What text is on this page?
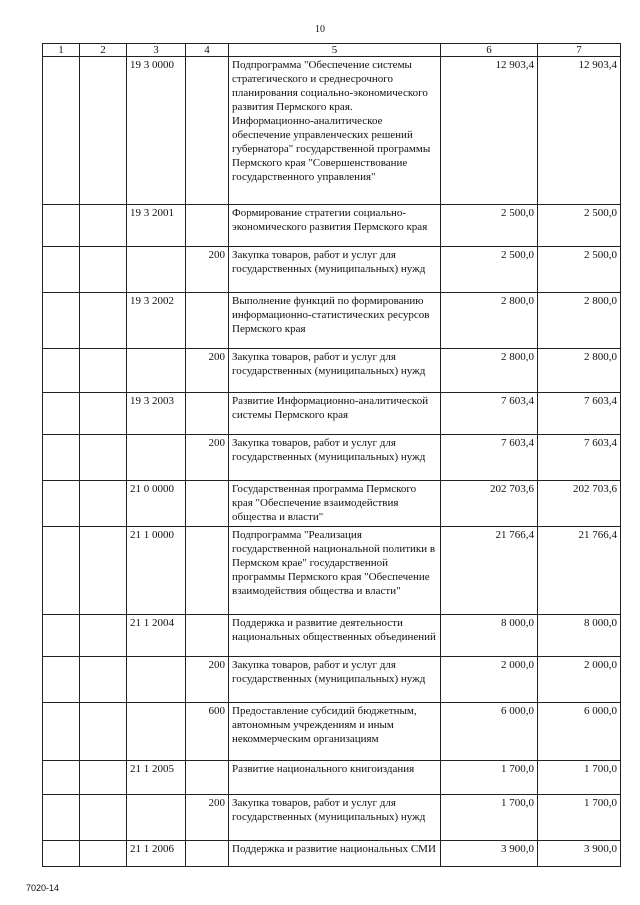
10
1	2	3	4	5	6	7
		19 3 0000		Подпрограмма "Обеспечение системы стратегического и среднесрочного планирования социально-экономического развития Пермского края. Информационно-аналитическое обеспечение управленческих решений губернатора" государственной программы Пермского края "Совершенствование государственного управления"	12 903,4	12 903,4
		19 3 2001		Формирование стратегии социально-экономического развития Пермского края	2 500,0	2 500,0
			200	Закупка товаров, работ и услуг для государственных (муниципальных) нужд	2 500,0	2 500,0
		19 3 2002		Выполнение функций по формированию информационно-статистических ресурсов Пермского края	2 800,0	2 800,0
			200	Закупка товаров, работ и услуг для государственных (муниципальных) нужд	2 800,0	2 800,0
		19 3 2003		Развитие Информационно-аналитической системы Пермского края	7 603,4	7 603,4
			200	Закупка товаров, работ и услуг для государственных (муниципальных) нужд	7 603,4	7 603,4
		21 0 0000		Государственная программа Пермского края "Обеспечение взаимодействия общества и власти"	202 703,6	202 703,6
		21 1 0000		Подпрограмма "Реализация государственной национальной политики в Пермском крае" государственной программы Пермского края "Обеспечение взаимодействия общества и власти"	21 766,4	21 766,4
		21 1 2004		Поддержка и развитие деятельности национальных общественных объединений	8 000,0	8 000,0
			200	Закупка товаров, работ и услуг для государственных (муниципальных) нужд	2 000,0	2 000,0
			600	Предоставление субсидий бюджетным, автономным учреждениям и иным некоммерческим организациям	6 000,0	6 000,0
		21 1 2005		Развитие национального книгоиздания	1 700,0	1 700,0
			200	Закупка товаров, работ и услуг для государственных (муниципальных) нужд	1 700,0	1 700,0
		21 1 2006		Поддержка и развитие национальных СМИ	3 900,0	3 900,0
7020-14
